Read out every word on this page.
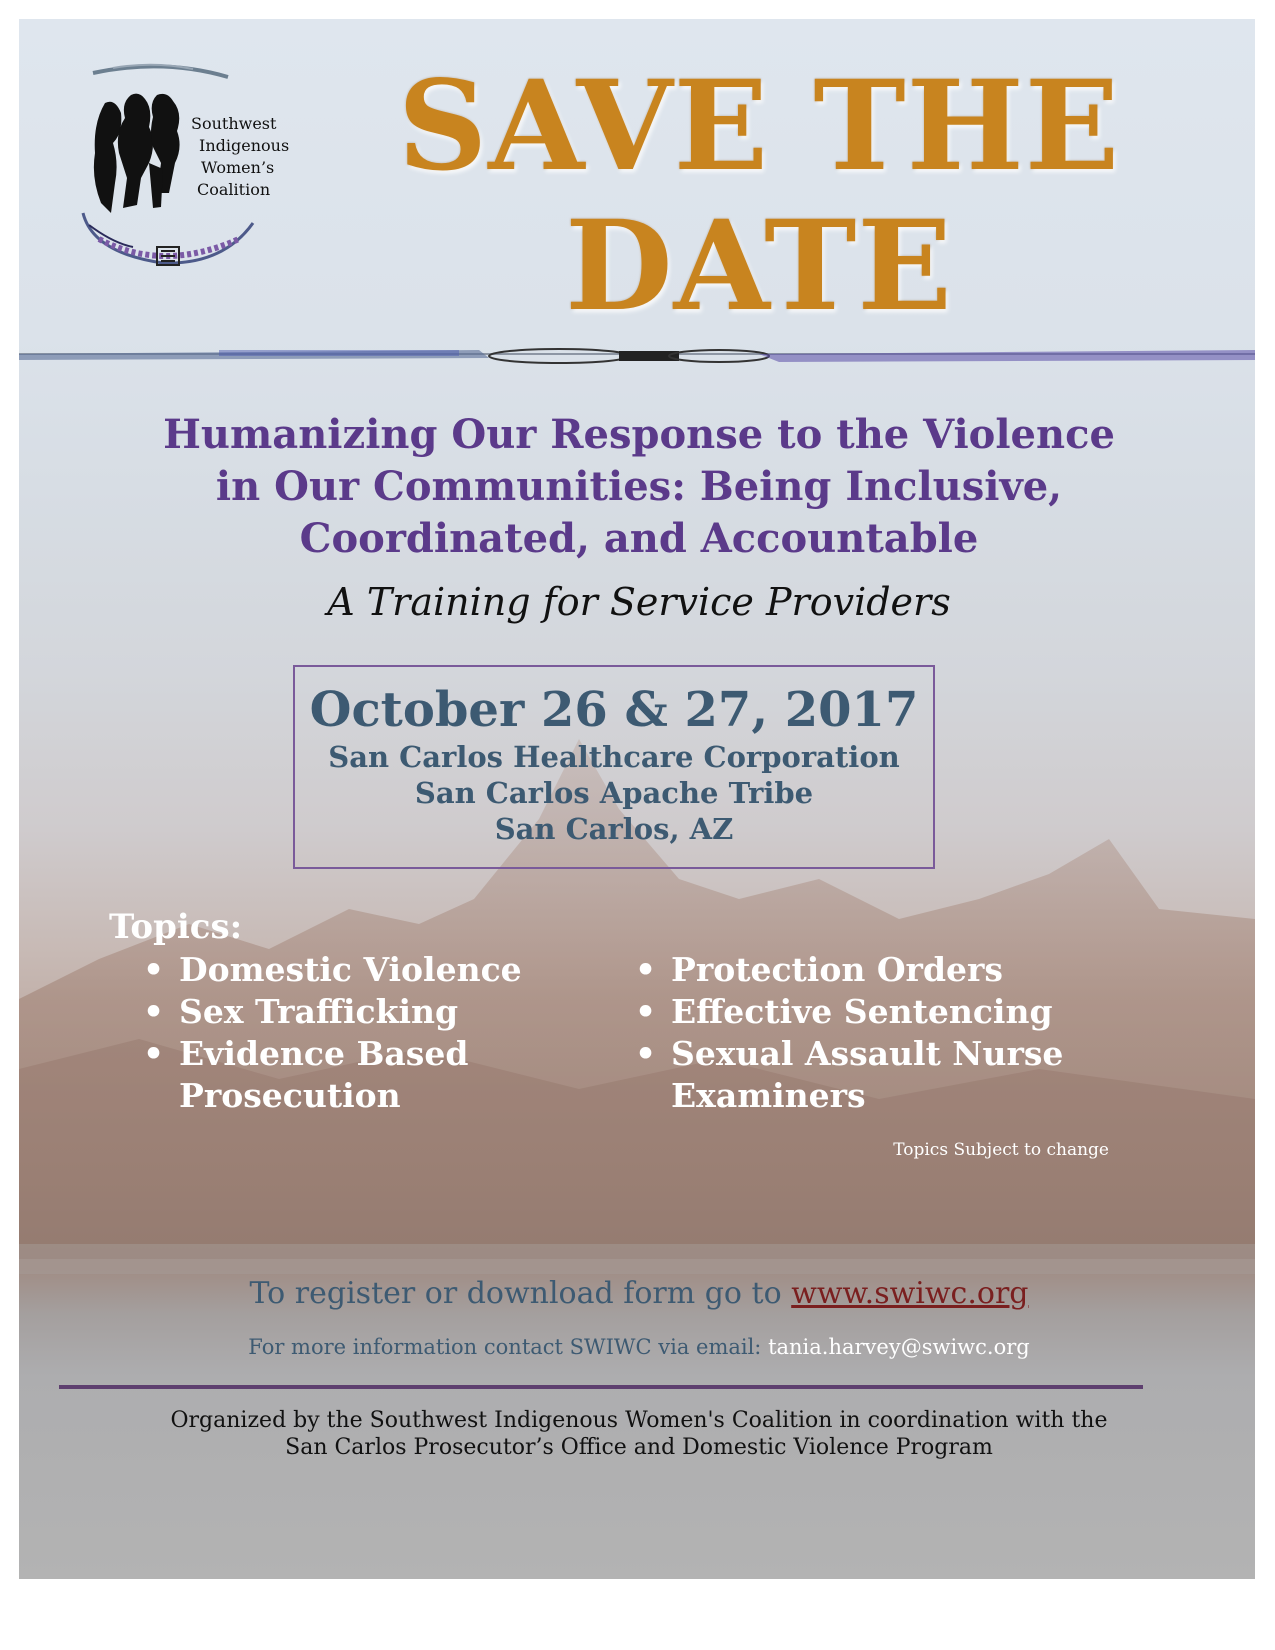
Southwest
Indigenous
Women’s
Coalition	SAVE THE
DATE
Humanizing Our Response to the Violence
in Our Communities: Being Inclusive,
Coordinated, and Accountable
A Training for Service Providers
October 26 & 27, 2017
San Carlos Healthcare Corporation
San Carlos Apache Tribe
San Carlos, AZ
Topics:
• Domestic Violence
• Sex Trafficking
• Evidence Based Prosecution
• Protection Orders
• Effective Sentencing
• Sexual Assault Nurse Examiners
Topics Subject to change
To register or download form go to www.swiwc.org
For more information contact SWIWC via email: tania.harvey@swiwc.org
Organized by the Southwest Indigenous Women's Coalition in coordination with the
San Carlos Prosecutor’s Office and Domestic Violence Program
